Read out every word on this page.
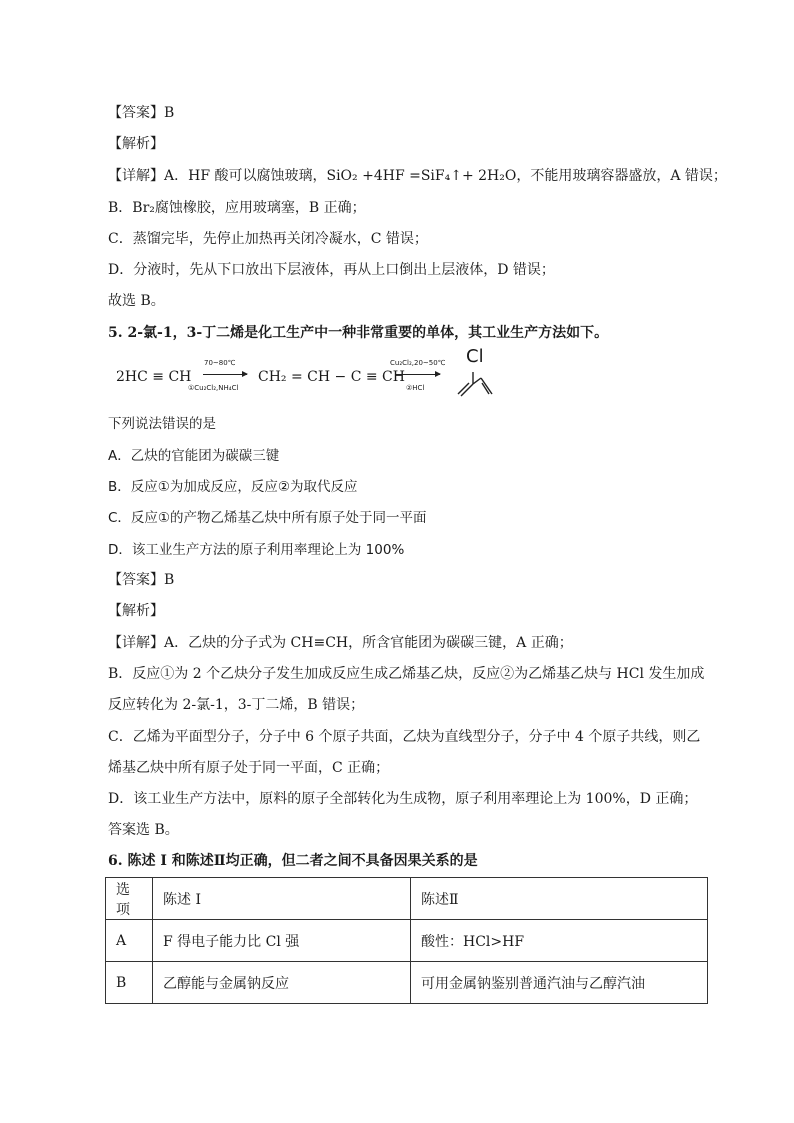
【答案】B
【解析】
【详解】A．HF 酸可以腐蚀玻璃，SiO₂ +4HF =SiF₄↑+ 2H₂O，不能用玻璃容器盛放，A 错误；
B．Br₂腐蚀橡胶，应用玻璃塞，B 正确；
C．蒸馏完毕，先停止加热再关闭冷凝水，C 错误；
D．分液时，先从下口放出下层液体，再从上口倒出上层液体，D 错误；
故选 B。
5. 2-氯-1，3-丁二烯是化工生产中一种非常重要的单体，其工业生产方法如下。
2HC ≡ CH
70~80℃
①Cu₂Cl₂,NH₄Cl
CH₂ = CH − C ≡ CH
Cu₂Cl₂,20~50℃
②HCl
Cl
下列说法错误的是
A．乙炔的官能团为碳碳三键
B．反应①为加成反应，反应②为取代反应
C．反应①的产物乙烯基乙炔中所有原子处于同一平面
D．该工业生产方法的原子利用率理论上为 100%
【答案】B
【解析】
【详解】A．乙炔的分子式为 CH≡CH，所含官能团为碳碳三键，A 正确；
B．反应①为 2 个乙炔分子发生加成反应生成乙烯基乙炔，反应②为乙烯基乙炔与 HCl 发生加成
反应转化为 2-氯-1，3-丁二烯，B 错误；
C．乙烯为平面型分子，分子中 6 个原子共面，乙炔为直线型分子，分子中 4 个原子共线，则乙
烯基乙炔中所有原子处于同一平面，C 正确；
D．该工业生产方法中，原料的原子全部转化为生成物，原子利用率理论上为 100%，D 正确；
答案选 B。
6. 陈述 I 和陈述Ⅱ均正确，但二者之间不具备因果关系的是
选项	陈述 I	陈述Ⅱ
A	F 得电子能力比 Cl 强	酸性：HCl>HF
B	乙醇能与金属钠反应	可用金属钠鉴别普通汽油与乙醇汽油
